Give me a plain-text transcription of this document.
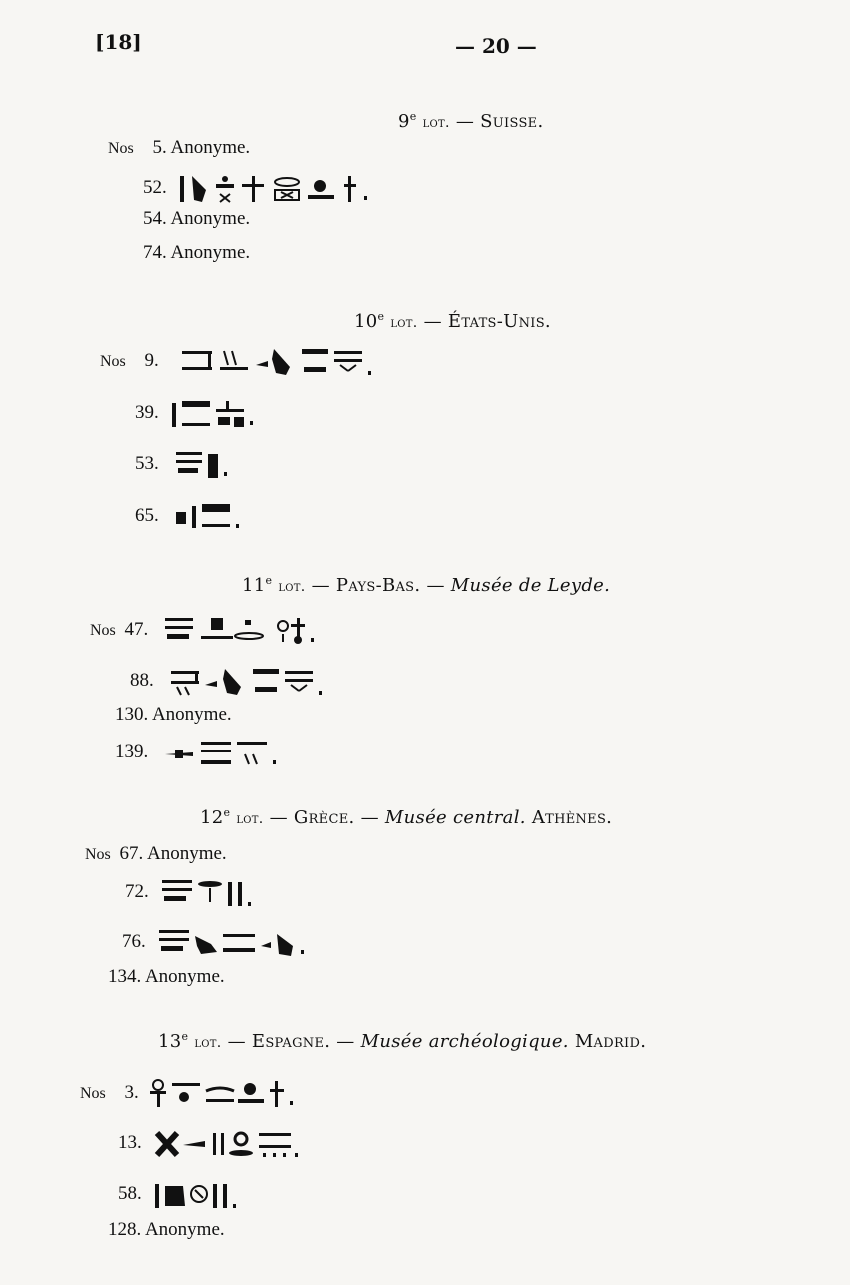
[18]	— 20 —
9e lot. — Suisse.
Nos 5. Anonyme.
52.
54. Anonyme.
74. Anonyme.
10e lot. — États-Unis.
Nos 9.
39.
53.
65.
11e lot. — Pays-Bas. — Musée de Leyde.
Nos 47.
88.
130. Anonyme.
139.
12e lot. — Grèce. — Musée central. Athènes.
Nos 67. Anonyme.
72.
76.
134. Anonyme.
13e lot. — Espagne. — Musée archéologique. Madrid.
Nos 3.
13.
58.
128. Anonyme.
